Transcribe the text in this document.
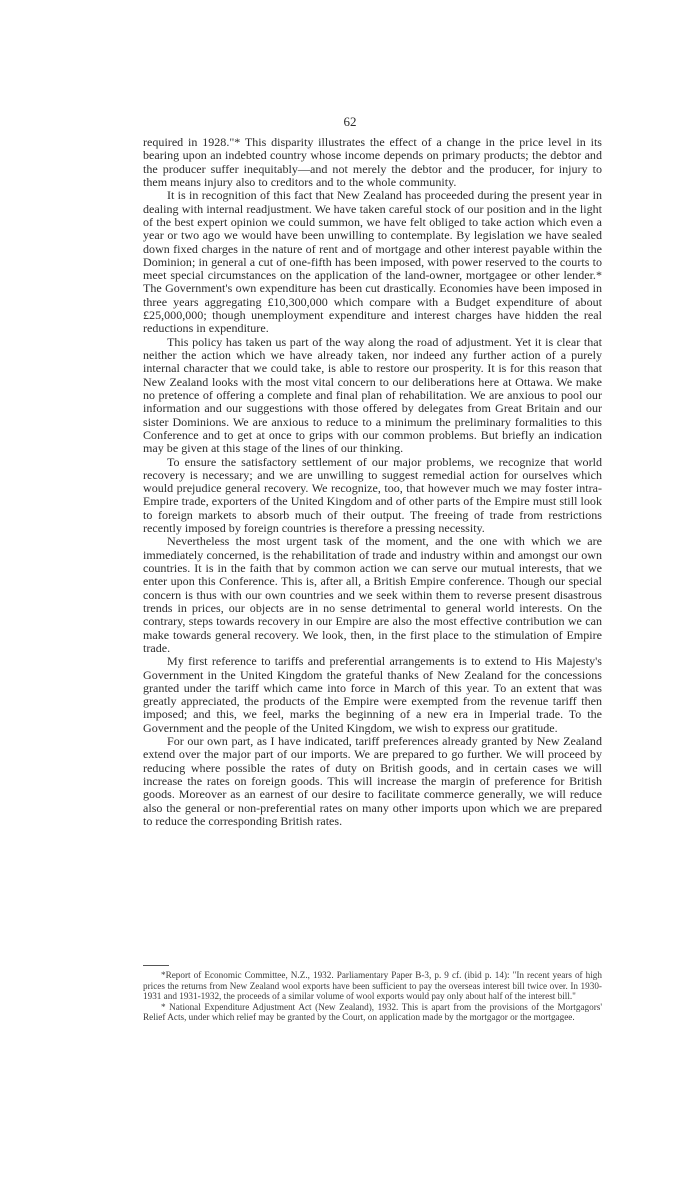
62

required in 1928."* This disparity illustrates the effect of a change in the price level in its bearing upon an indebted country whose income depends on primary products; the debtor and the producer suffer inequitably—and not merely the debtor and the producer, for injury to them means injury also to creditors and to the whole community.

It is in recognition of this fact that New Zealand has proceeded during the present year in dealing with internal readjustment. We have taken careful stock of our position and in the light of the best expert opinion we could summon, we have felt obliged to take action which even a year or two ago we would have been unwilling to contemplate. By legislation we have sealed down fixed charges in the nature of rent and of mortgage and other interest payable within the Dominion; in general a cut of one-fifth has been imposed, with power reserved to the courts to meet special circumstances on the application of the land-owner, mortgagee or other lender.* The Government's own expenditure has been cut drastically. Economies have been imposed in three years aggregating £10,300,000 which compare with a Budget expenditure of about £25,000,000; though unemployment expenditure and interest charges have hidden the real reductions in expenditure.

This policy has taken us part of the way along the road of adjustment. Yet it is clear that neither the action which we have already taken, nor indeed any further action of a purely internal character that we could take, is able to restore our prosperity. It is for this reason that New Zealand looks with the most vital concern to our deliberations here at Ottawa. We make no pretence of offering a complete and final plan of rehabilitation. We are anxious to pool our information and our suggestions with those offered by delegates from Great Britain and our sister Dominions. We are anxious to reduce to a minimum the preliminary formalities to this Conference and to get at once to grips with our common problems. But briefly an indication may be given at this stage of the lines of our thinking.

To ensure the satisfactory settlement of our major problems, we recognize that world recovery is necessary; and we are unwilling to suggest remedial action for ourselves which would prejudice general recovery. We recognize, too, that however much we may foster intra-Empire trade, exporters of the United Kingdom and of other parts of the Empire must still look to foreign markets to absorb much of their output. The freeing of trade from restrictions recently imposed by foreign countries is therefore a pressing necessity.

Nevertheless the most urgent task of the moment, and the one with which we are immediately concerned, is the rehabilitation of trade and industry within and amongst our own countries. It is in the faith that by common action we can serve our mutual interests, that we enter upon this Conference. This is, after all, a British Empire conference. Though our special concern is thus with our own countries and we seek within them to reverse present disastrous trends in prices, our objects are in no sense detrimental to general world interests. On the contrary, steps towards recovery in our Empire are also the most effective contribution we can make towards general recovery. We look, then, in the first place to the stimulation of Empire trade.

My first reference to tariffs and preferential arrangements is to extend to His Majesty's Government in the United Kingdom the grateful thanks of New Zealand for the concessions granted under the tariff which came into force in March of this year. To an extent that was greatly appreciated, the products of the Empire were exempted from the revenue tariff then imposed; and this, we feel, marks the beginning of a new era in Imperial trade. To the Government and the people of the United Kingdom, we wish to express our gratitude.

For our own part, as I have indicated, tariff preferences already granted by New Zealand extend over the major part of our imports. We are prepared to go further. We will proceed by reducing where possible the rates of duty on British goods, and in certain cases we will increase the rates on foreign goods. This will increase the margin of preference for British goods. Moreover as an earnest of our desire to facilitate commerce generally, we will reduce also the general or non-preferential rates on many other imports upon which we are prepared to reduce the corresponding British rates.

*Report of Economic Committee, N.Z., 1932. Parliamentary Paper B-3, p. 9 cf. (ibid p. 14): "In recent years of high prices the returns from New Zealand wool exports have been sufficient to pay the overseas interest bill twice over. In 1930-1931 and 1931-1932, the proceeds of a similar volume of wool exports would pay only about half of the interest bill."

* National Expenditure Adjustment Act (New Zealand), 1932. This is apart from the provisions of the Mortgagors' Relief Acts, under which relief may be granted by the Court, on application made by the mortgagor or the mortgagee.
